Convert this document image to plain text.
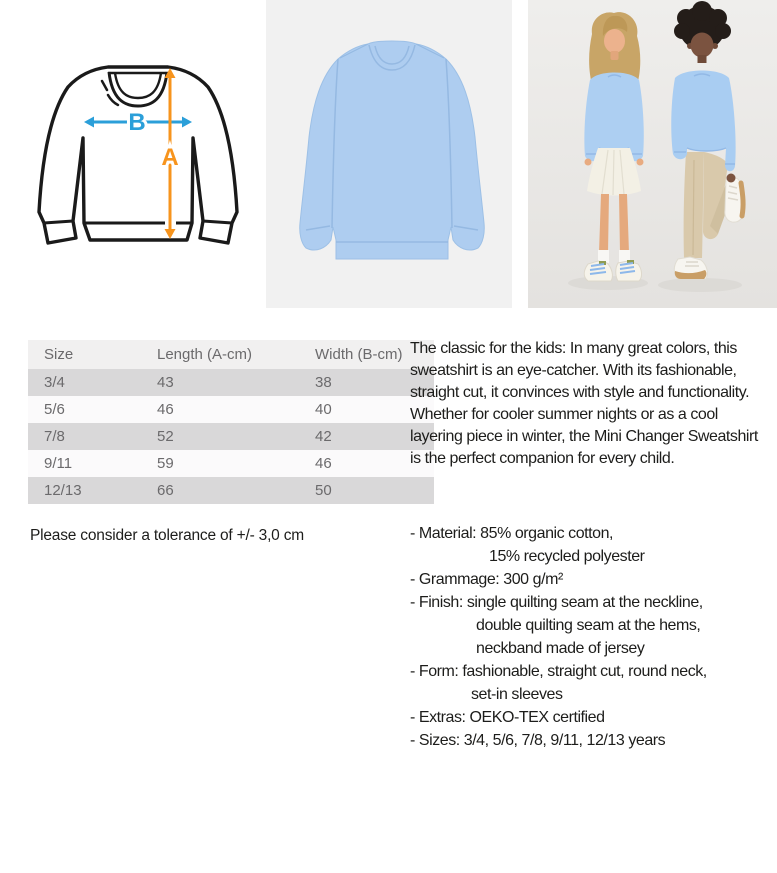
B
A
Size	Length (A-cm)	Width (B-cm)
3/4	43	38
5/6	46	40
7/8	52	42
9/11	59	46
12/13	66	50
Please consider a tolerance of +/- 3,0 cm

The classic for the kids: In many great colors, this sweatshirt is an eye-catcher. With its fashionable, straight cut, it convinces with style and functionality. Whether for cooler summer nights or as a cool layering piece in winter, the Mini Changer Sweatshirt is the perfect companion for every child.

- Material: 85% organic cotton,
15% recycled polyester
- Grammage: 300 g/m²
- Finish: single quilting seam at the neckline,
double quilting seam at the hems,
neckband made of jersey
- Form: fashionable, straight cut, round neck,
set-in sleeves
- Extras: OEKO-TEX certified
- Sizes: 3/4, 5/6, 7/8, 9/11, 12/13 years
